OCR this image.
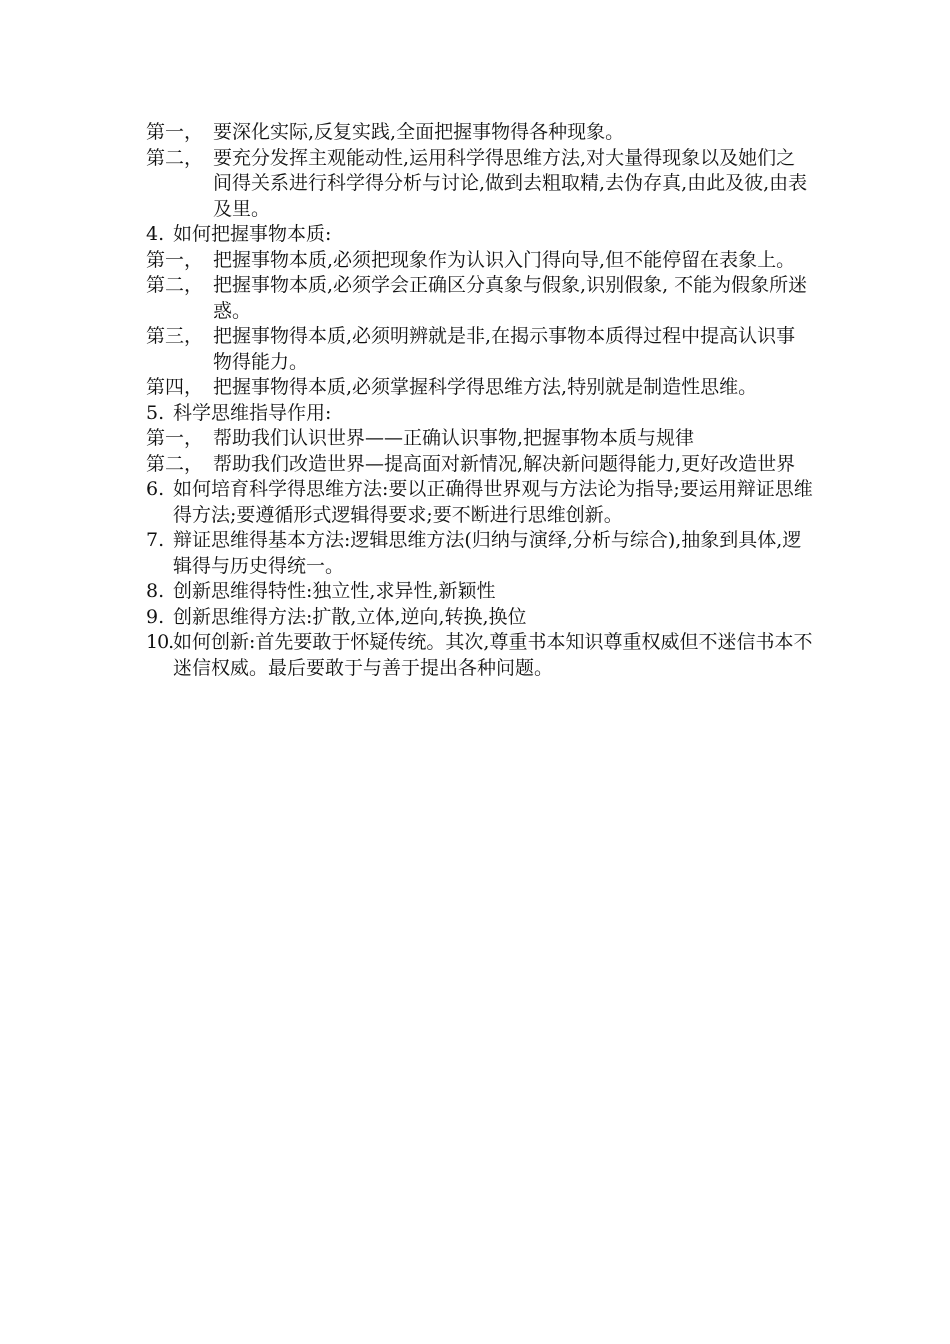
第一， 要深化实际,反复实践,全面把握事物得各种现象。

第二， 要充分发挥主观能动性,运用科学得思维方法,对大量得现象以及她们之间得关系进行科学得分析与讨论,做到去粗取精,去伪存真,由此及彼,由表及里。

4. 如何把握事物本质:

第一， 把握事物本质,必须把现象作为认识入门得向导,但不能停留在表象上。

第二， 把握事物本质,必须学会正确区分真象与假象,识别假象, 不能为假象所迷惑。

第三， 把握事物得本质,必须明辨就是非,在揭示事物本质得过程中提高认识事物得能力。

第四， 把握事物得本质,必须掌握科学得思维方法,特别就是制造性思维。

5. 科学思维指导作用:

第一， 帮助我们认识世界——正确认识事物,把握事物本质与规律

第二， 帮助我们改造世界—提高面对新情况,解决新问题得能力,更好改造世界

6. 如何培育科学得思维方法:要以正确得世界观与方法论为指导;要运用辩证思维得方法;要遵循形式逻辑得要求;要不断进行思维创新。

7. 辩证思维得基本方法:逻辑思维方法(归纳与演绎,分析与综合),抽象到具体,逻辑得与历史得统一。

8. 创新思维得特性:独立性,求异性,新颖性

9. 创新思维得方法:扩散,立体,逆向,转换,换位

10. 如何创新:首先要敢于怀疑传统。其次,尊重书本知识尊重权威但不迷信书本不迷信权威。最后要敢于与善于提出各种问题。
